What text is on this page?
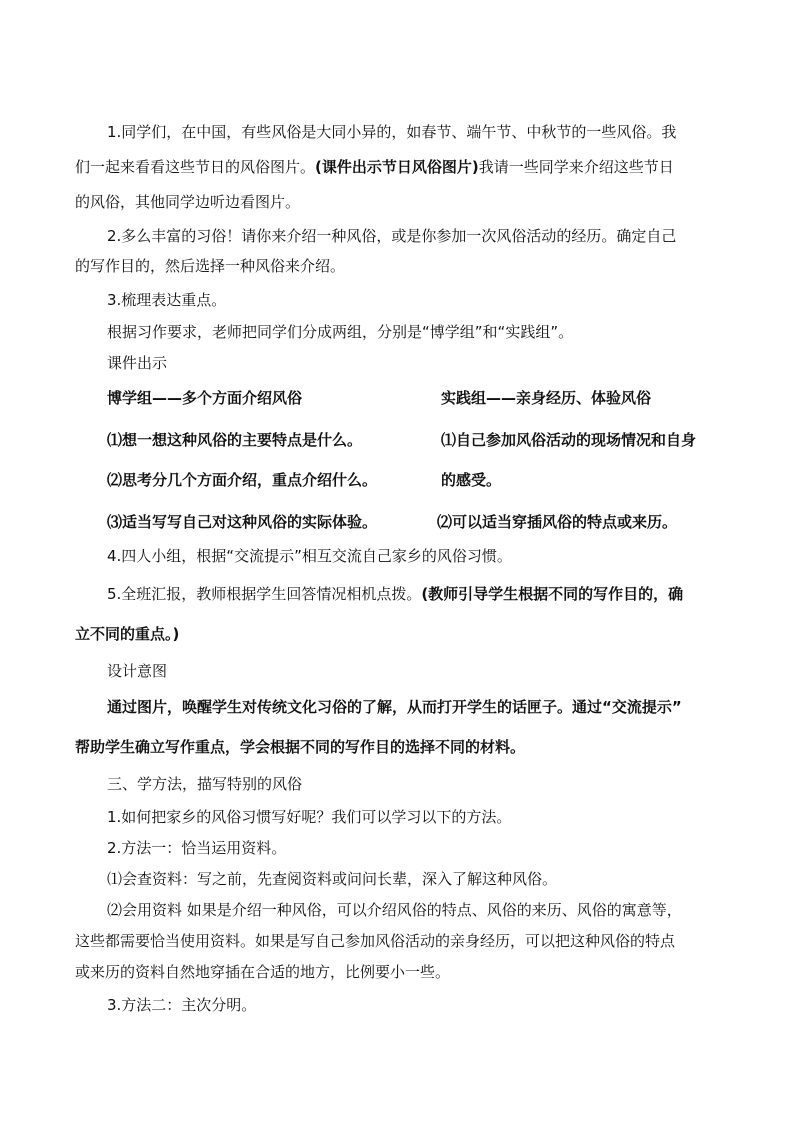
1.同学们，在中国，有些风俗是大同小异的，如春节、端午节、中秋节的一些风俗。我
们一起来看看这些节日的风俗图片。(课件出示节日风俗图片)我请一些同学来介绍这些节日
的风俗，其他同学边听边看图片。
2.多么丰富的习俗！请你来介绍一种风俗，或是你参加一次风俗活动的经历。确定自己
的写作目的，然后选择一种风俗来介绍。
3.梳理表达重点。
根据习作要求，老师把同学们分成两组，分别是“博学组”和“实践组”。
课件出示
博学组——多个方面介绍风俗	实践组——亲身经历、体验风俗
⑴想一想这种风俗的主要特点是什么。	⑴自己参加风俗活动的现场情况和自身
⑵思考分几个方面介绍，重点介绍什么。	的感受。
⑶适当写写自己对这种风俗的实际体验。	⑵可以适当穿插风俗的特点或来历。
4.四人小组，根据“交流提示”相互交流自己家乡的风俗习惯。
5.全班汇报，教师根据学生回答情况相机点拨。(教师引导学生根据不同的写作目的，确
立不同的重点。)
设计意图
通过图片，唤醒学生对传统文化习俗的了解，从而打开学生的话匣子。通过“交流提示”
帮助学生确立写作重点，学会根据不同的写作目的选择不同的材料。
三、学方法，描写特别的风俗
1.如何把家乡的风俗习惯写好呢？我们可以学习以下的方法。
2.方法一：恰当运用资料。
⑴会查资料：写之前，先查阅资料或问问长辈，深入了解这种风俗。
⑵会用资料 如果是介绍一种风俗，可以介绍风俗的特点、风俗的来历、风俗的寓意等，
这些都需要恰当使用资料。如果是写自己参加风俗活动的亲身经历，可以把这种风俗的特点
或来历的资料自然地穿插在合适的地方，比例要小一些。
3.方法二：主次分明。
